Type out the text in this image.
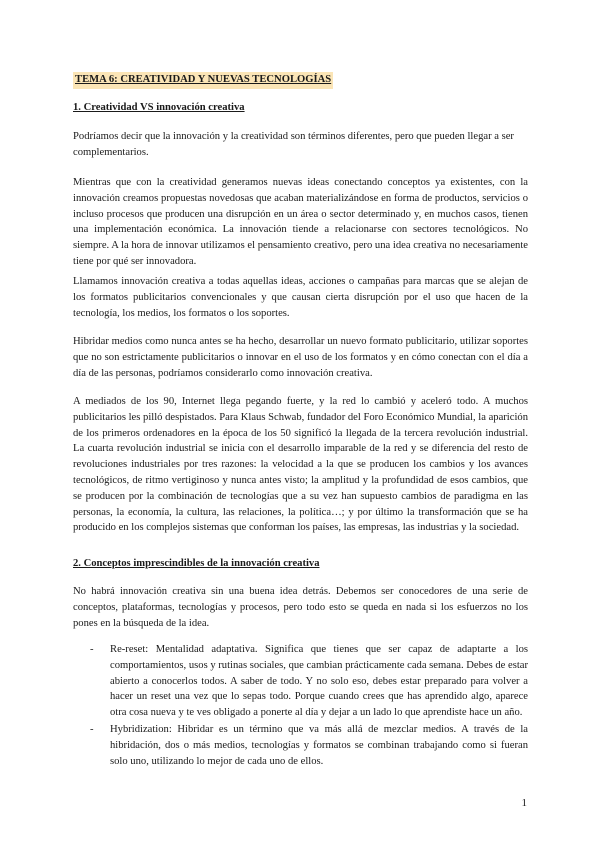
TEMA 6: CREATIVIDAD Y NUEVAS TECNOLOGÍAS
1. Creatividad VS innovación creativa

Podríamos decir que la innovación y la creatividad son términos diferentes, pero que pueden llegar a ser complementarios.

Mientras que con la creatividad generamos nuevas ideas conectando conceptos ya existentes, con la innovación creamos propuestas novedosas que acaban materializándose en forma de productos, servicios o incluso procesos que producen una disrupción en un área o sector determinado y, en muchos casos, tienen una implementación económica. La innovación tiende a relacionarse con sectores tecnológicos. No siempre. A la hora de innovar utilizamos el pensamiento creativo, pero una idea creativa no necesariamente tiene por qué ser innovadora.

Llamamos innovación creativa a todas aquellas ideas, acciones o campañas para marcas que se alejan de los formatos publicitarios convencionales y que causan cierta disrupción por el uso que hacen de la tecnología, los medios, los formatos o los soportes.

Hibridar medios como nunca antes se ha hecho, desarrollar un nuevo formato publicitario, utilizar soportes que no son estrictamente publicitarios o innovar en el uso de los formatos y en cómo conectan con el día a día de las personas, podríamos considerarlo como innovación creativa.

A mediados de los 90, Internet llega pegando fuerte, y la red lo cambió y aceleró todo. A muchos publicitarios les pilló despistados. Para Klaus Schwab, fundador del Foro Económico Mundial, la aparición de los primeros ordenadores en la época de los 50 significó la llegada de la tercera revolución industrial. La cuarta revolución industrial se inicia con el desarrollo imparable de la red y se diferencia del resto de revoluciones industriales por tres razones: la velocidad a la que se producen los cambios y los avances tecnológicos, de ritmo vertiginoso y nunca antes visto; la amplitud y la profundidad de esos cambios, que se producen por la combinación de tecnologías que a su vez han supuesto cambios de paradigma en las personas, la economía, la cultura, las relaciones, la política…; y por último la transformación que se ha producido en los complejos sistemas que conforman los países, las empresas, las industrias y la sociedad.

2. Conceptos imprescindibles de la innovación creativa

No habrá innovación creativa sin una buena idea detrás. Debemos ser conocedores de una serie de conceptos, plataformas, tecnologías y procesos, pero todo esto se queda en nada si los esfuerzos no los pones en la búsqueda de la idea.

- Re-reset: Mentalidad adaptativa. Significa que tienes que ser capaz de adaptarte a los comportamientos, usos y rutinas sociales, que cambian prácticamente cada semana. Debes de estar abierto a conocerlos todos. A saber de todo. Y no solo eso, debes estar preparado para volver a hacer un reset una vez que lo sepas todo. Porque cuando crees que has aprendido algo, aparece otra cosa nueva y te ves obligado a ponerte al día y dejar a un lado lo que aprendiste hace un año.
- Hybridization: Hibridar es un término que va más allá de mezclar medios. A través de la hibridación, dos o más medios, tecnologías y formatos se combinan trabajando como si fueran solo uno, utilizando lo mejor de cada uno de ellos.
1
